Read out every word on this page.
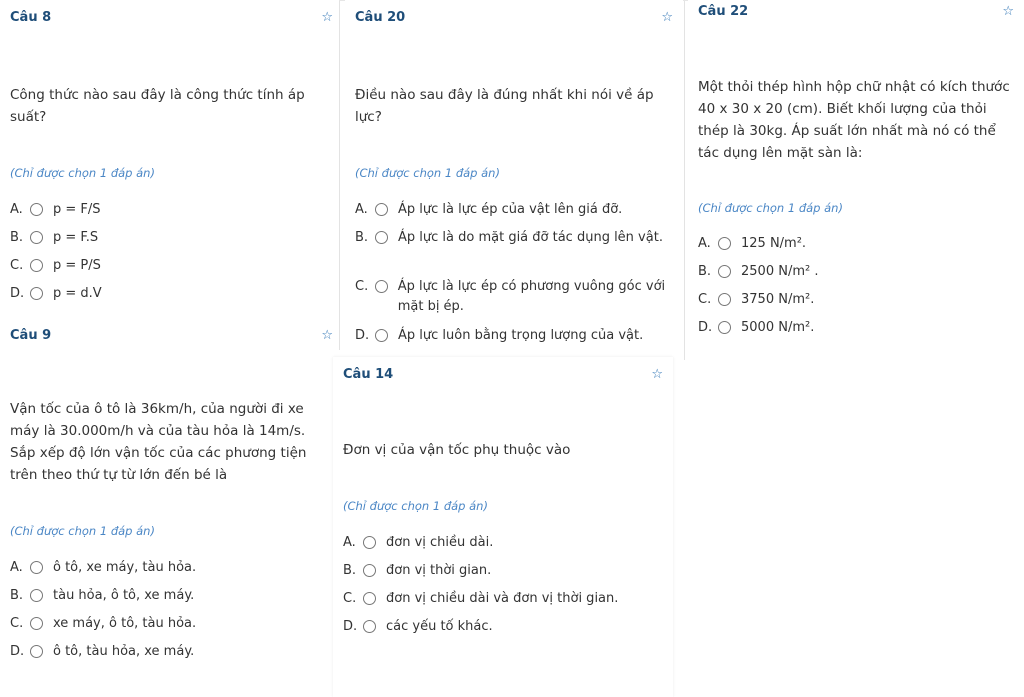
Câu 8	☆
Công thức nào sau đây là công thức tính áp suất?
(Chỉ được chọn 1 đáp án)
A.	p = F/S
B.	p = F.S
C.	p = P/S
D. p = d.V
Câu 20	☆
Điều nào sau đây là đúng nhất khi nói về áp lực?
(Chỉ được chọn 1 đáp án)
A.	Áp lực là lực ép của vật lên giá đỡ.
B.	Áp lực là do mặt giá đỡ tác dụng lên vật.
C.	Áp lực là lực ép có phương vuông góc với mặt bị ép.
D. Áp lực luôn bằng trọng lượng của vật.
Câu 22	☆
Một thỏi thép hình hộp chữ nhật có kích thước 40 x 30 x 20 (cm). Biết khối lượng của thỏi thép là 30kg. Áp suất lớn nhất mà nó có thể tác dụng lên mặt sàn là:
(Chỉ được chọn 1 đáp án)
A.	125 N/m².
B.	2500 N/m² .
C.	3750 N/m².
D. 5000 N/m².
Câu 9	☆
Vận tốc của ô tô là 36km/h, của người đi xe máy là 30.000m/h và của tàu hỏa là 14m/s. Sắp xếp độ lớn vận tốc của các phương tiện trên theo thứ tự từ lớn đến bé là
(Chỉ được chọn 1 đáp án)
A.	ô tô, xe máy, tàu hỏa.
B.	tàu hỏa, ô tô, xe máy.
C.	xe máy, ô tô, tàu hỏa.
D. ô tô, tàu hỏa, xe máy.
Câu 14	☆
Đơn vị của vận tốc phụ thuộc vào
(Chỉ được chọn 1 đáp án)
A.	đơn vị chiều dài.
B.	đơn vị thời gian.
C.	đơn vị chiều dài và đơn vị thời gian.
D. các yếu tố khác.
